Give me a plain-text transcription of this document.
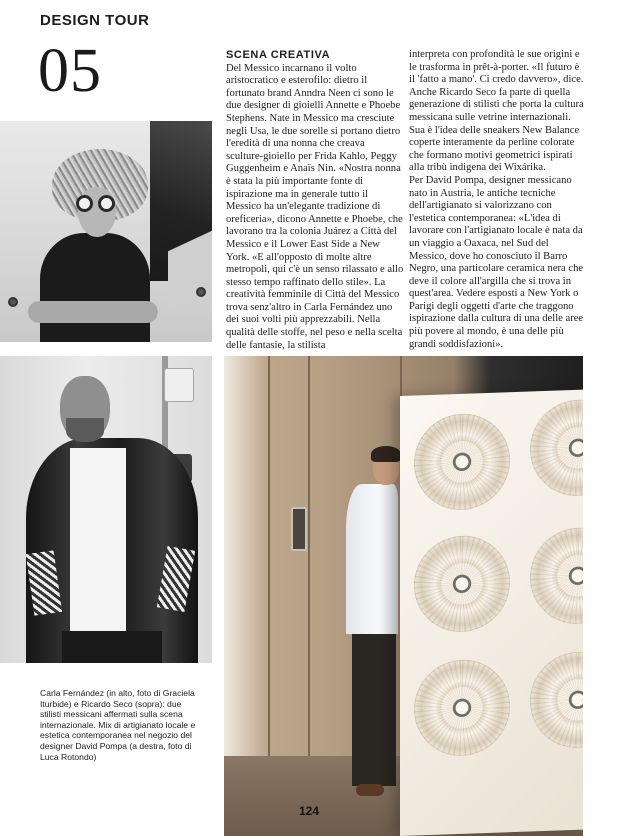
DESIGN TOUR
05	SCENA CREATIVA

Del Messico incarnano il volto aristocratico e esterofilo: dietro il fortunato brand Anndra Neen ci sono le due designer di gioielli Annette e Phoebe Stephens. Nate in Messico ma cresciute negli Usa, le due sorelle si portano dietro l'eredità di una nonna che creava sculture-gioiello per Frida Kahlo, Peggy Guggenheim e Anaïs Nin. «Nostra nonna è stata la più importante fonte di ispirazione ma in generale tutto il Messico ha un'elegante tradizione di oreficeria», dicono Annette e Phoebe, che lavorano tra la colonia Juárez a Città del Messico e il Lower East Side a New York. «E all'opposto di molte altre metropoli, qui c'è un senso rilassato e allo stesso tempo raffinato dello stile». La creatività femminile di Città del Messico trova senz'altro in Carla Fernández uno dei suoi volti più apprezzabili. Nella qualità delle stoffe, nel peso e nella scelta delle fantasie, la stilista

interpreta con profondità le sue origini e le trasforma in prêt-à-porter. «Il futuro è il 'fatto a mano'. Ci credo davvero», dice.

Anche Ricardo Seco fa parte di quella generazione di stilisti che porta la cultura messicana sulle vetrine internazionali. Sua è l'idea delle sneakers New Balance coperte interamente da perline colorate che formano motivi geometrici ispirati alla tribù indigena dei Wixárika.

Per David Pompa, designer messicano nato in Austria, le antiche tecniche dell'artigianato si valorizzano con l'estetica contemporanea: «L'idea di lavorare con l'artigianato locale è nata da un viaggio a Oaxaca, nel Sud del Messico, dove ho conosciuto il Barro Negro, una particolare ceramica nera che deve il colore all'argilla che si trova in quest'area. Vedere esposti a New York o Parigi degli oggetti d'arte che traggono ispirazione dalla cultura di una delle aree più povere al mondo, è una delle più grandi soddisfazioni».

Carla Fernández (in alto, foto di Graciela Iturbide) e Ricardo Seco (sopra): due stilisti messicani affermati sulla scena internazionale. Mix di artigianato locale e estetica contemporanea nel negozio del designer David Pompa (a destra, foto di Luca Rotondo)
124
